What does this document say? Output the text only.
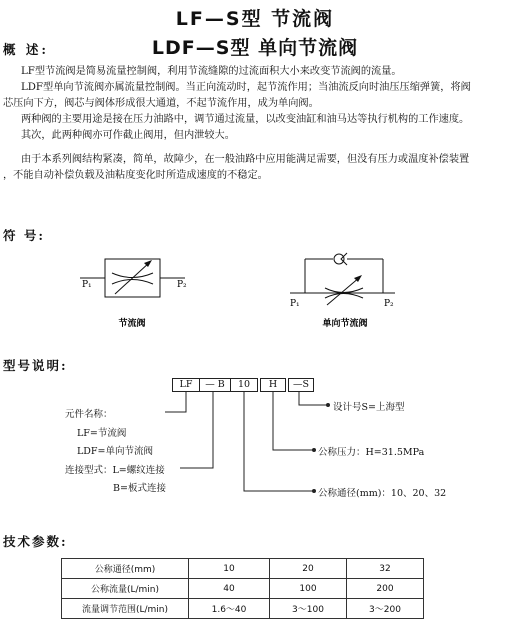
LF—S型 节流阀
LDF—S型 单向节流阀
概 述:
LF型节流阀是简易流量控制阀，利用节流缝隙的过流面积大小来改变节流阀的流量。
LDF型单向节流阀亦属流量控制阀。当正向流动时，起节流作用；当油流反向时油压压缩弹簧，将阀
芯压向下方，阀芯与阀体形成很大通道，不起节流作用，成为单向阀。
两种阀的主要用途是接在压力油路中，调节通过流量，以改变油缸和油马达等执行机构的工作速度。
其次，此两种阀亦可作截止阀用，但内泄较大。
由于本系列阀结构紧凑，简单，故障少，在一般油路中应用能满足需要，但没有压力或温度补偿装置
，不能自动补偿负载及油粘度变化时所造成速度的不稳定。
符 号:
P₁	P₂
节流阀
P₁	P₂
单向节流阀
型号说明:
LF	— B	10	H	—S
设计号S=上海型
公称压力：H=31.5MPa
公称通径(mm)：10、20、32
元件名称：
LF=节流阀
LDF=单向节流阀
连接型式：L=螺纹连接
B=板式连接
技术参数:
公称通径(mm)	10	20	32
公称流量(L/min)	40	100	200
流量调节范围(L/min)	1.6～40	3～100	3～200
